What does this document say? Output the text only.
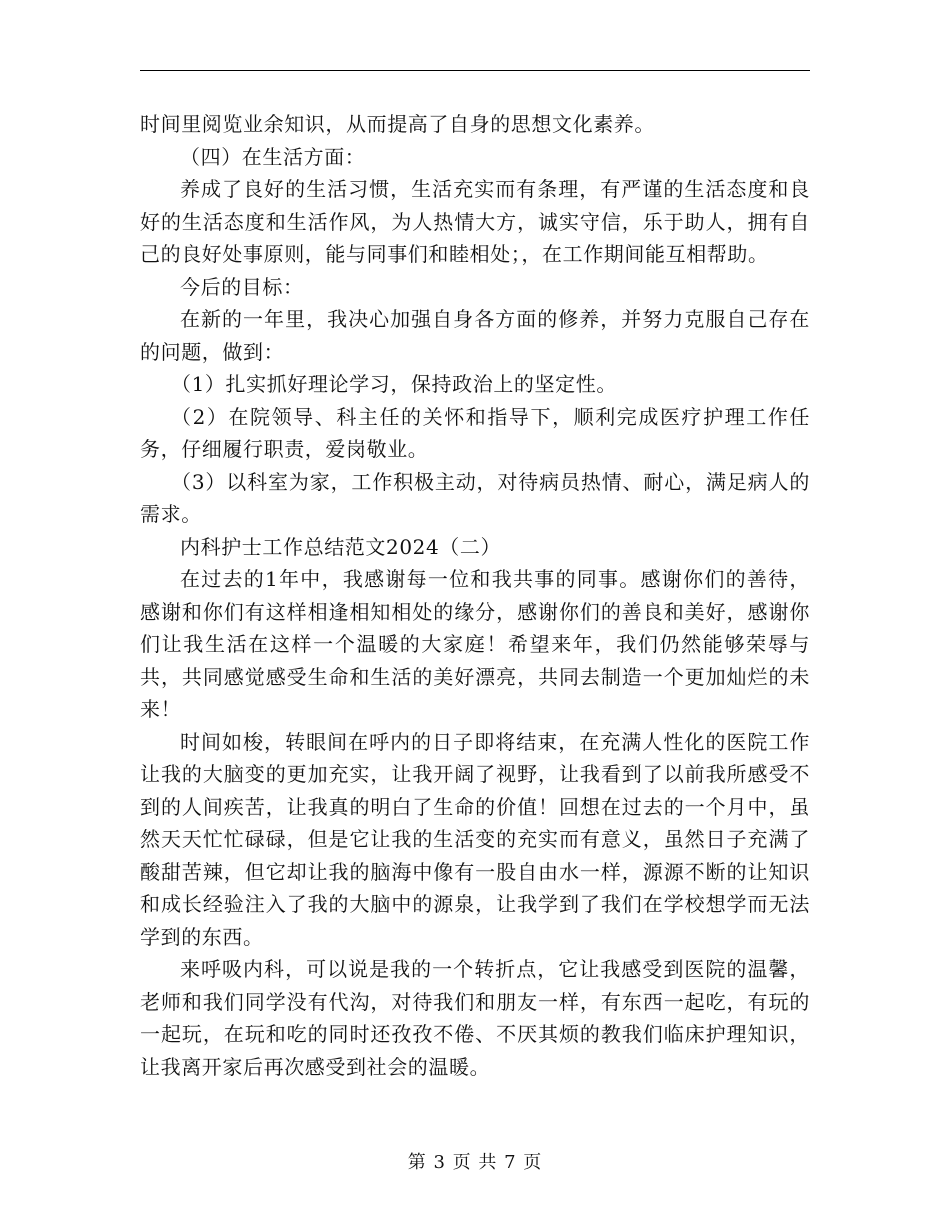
时间里阅览业余知识，从而提高了自身的思想文化素养。

（四）在生活方面：

养成了良好的生活习惯，生活充实而有条理，有严谨的生活态度和良好的生活态度和生活作风，为人热情大方，诚实守信，乐于助人，拥有自己的良好处事原则，能与同事们和睦相处；，在工作期间能互相帮助。

今后的目标：

在新的一年里，我决心加强自身各方面的修养，并努力克服自己存在的问题，做到：

（1）扎实抓好理论学习，保持政治上的坚定性。

（2）在院领导、科主任的关怀和指导下，顺利完成医疗护理工作任务，仔细履行职责，爱岗敬业。

（3）以科室为家，工作积极主动，对待病员热情、耐心，满足病人的需求。

内科护士工作总结范文2024（二）

在过去的1年中，我感谢每一位和我共事的同事。感谢你们的善待，感谢和你们有这样相逢相知相处的缘分，感谢你们的善良和美好，感谢你们让我生活在这样一个温暖的大家庭！希望来年，我们仍然能够荣辱与共，共同感觉感受生命和生活的美好漂亮，共同去制造一个更加灿烂的未来！

时间如梭，转眼间在呼内的日子即将结束，在充满人性化的医院工作让我的大脑变的更加充实，让我开阔了视野，让我看到了以前我所感受不到的人间疾苦，让我真的明白了生命的价值！回想在过去的一个月中，虽然天天忙忙碌碌，但是它让我的生活变的充实而有意义，虽然日子充满了酸甜苦辣，但它却让我的脑海中像有一股自由水一样，源源不断的让知识和成长经验注入了我的大脑中的源泉，让我学到了我们在学校想学而无法学到的东西。

来呼吸内科，可以说是我的一个转折点，它让我感受到医院的温馨，老师和我们同学没有代沟，对待我们和朋友一样，有东西一起吃，有玩的一起玩，在玩和吃的同时还孜孜不倦、不厌其烦的教我们临床护理知识，让我离开家后再次感受到社会的温暖。

第 3 页 共 7 页
